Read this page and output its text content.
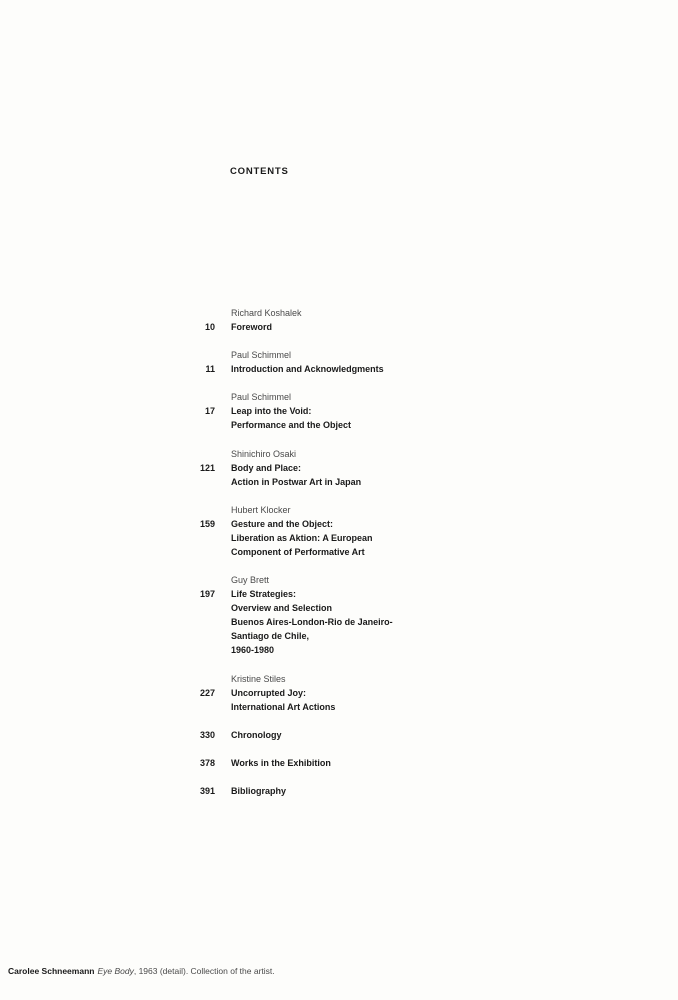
CONTENTS
Richard Koshalek
10 Foreword
Paul Schimmel
11 Introduction and Acknowledgments
Paul Schimmel
17 Leap into the Void:
Performance and the Object
Shinichiro Osaki
121 Body and Place:
Action in Postwar Art in Japan
Hubert Klocker
159 Gesture and the Object:
Liberation as Aktion: A European
Component of Performative Art
Guy Brett
197 Life Strategies:
Overview and Selection
Buenos Aires-London-Rio de Janeiro-
Santiago de Chile,
1960-1980
Kristine Stiles
227 Uncorrupted Joy:
International Art Actions
330 Chronology
378 Works in the Exhibition
391 Bibliography
Carolee Schneemann Eye Body, 1963 (detail). Collection of the artist.
